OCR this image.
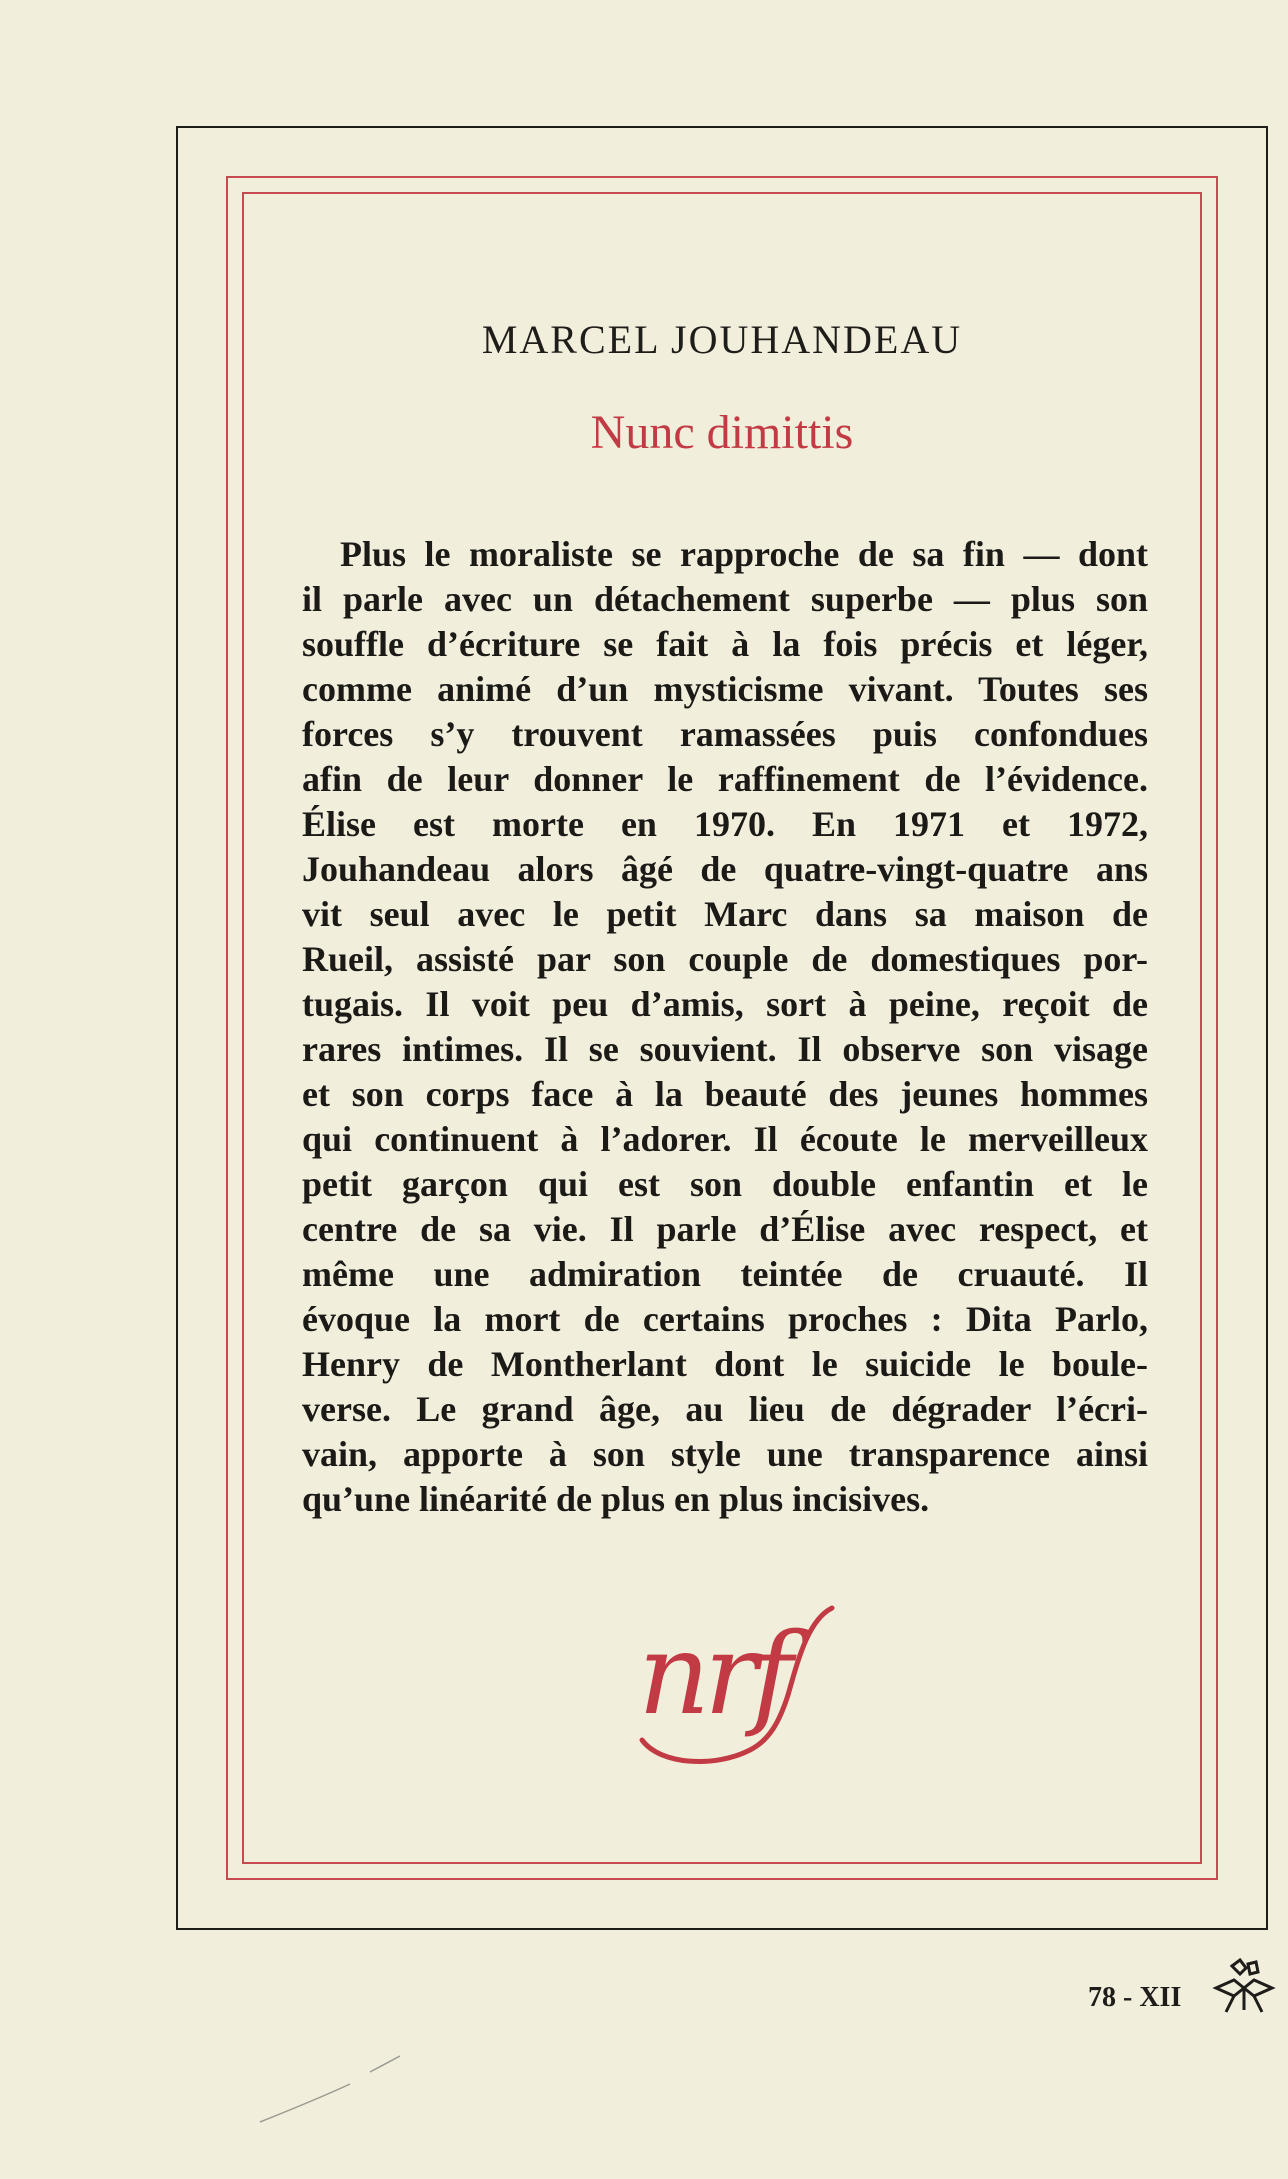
MARCEL JOUHANDEAU
Nunc dimittis
Plus le moraliste se rapproche de sa fin — dont
il parle avec un détachement superbe — plus son
souffle d’écriture se fait à la fois précis et léger,
comme animé d’un mysticisme vivant. Toutes ses
forces s’y trouvent ramassées puis confondues
afin de leur donner le raffinement de l’évidence.
Élise est morte en 1970. En 1971 et 1972,
Jouhandeau alors âgé de quatre-vingt-quatre ans
vit seul avec le petit Marc dans sa maison de
Rueil, assisté par son couple de domestiques por-
tugais. Il voit peu d’amis, sort à peine, reçoit de
rares intimes. Il se souvient. Il observe son visage
et son corps face à la beauté des jeunes hommes
qui continuent à l’adorer. Il écoute le merveilleux
petit garçon qui est son double enfantin et le
centre de sa vie. Il parle d’Élise avec respect, et
même une admiration teintée de cruauté. Il
évoque la mort de certains proches : Dita Parlo,
Henry de Montherlant dont le suicide le boule-
verse. Le grand âge, au lieu de dégrader l’écri-
vain, apporte à son style une transparence ainsi
qu’une linéarité de plus en plus incisives.
nrf
78 - XII
